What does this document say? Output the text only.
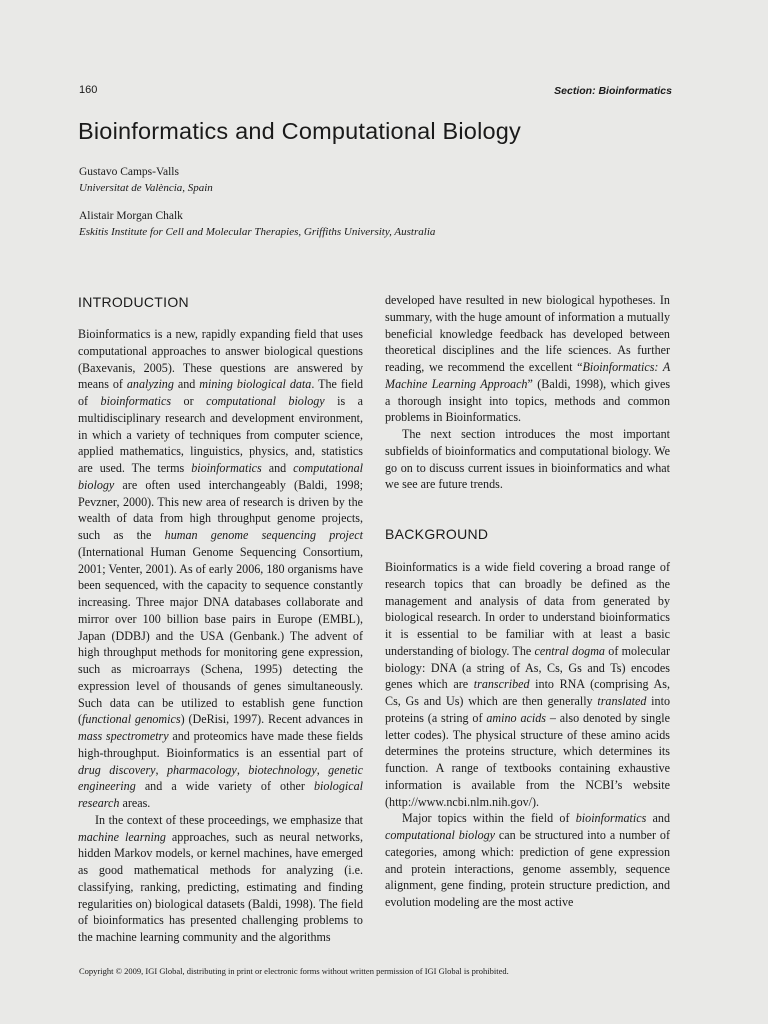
160	Section: Bioinformatics
Bioinformatics and Computational Biology
Gustavo Camps-Valls
Universitat de València, Spain
Alistair Morgan Chalk
Eskitis Institute for Cell and Molecular Therapies, Griffiths University, Australia
INTRODUCTION

Bioinformatics is a new, rapidly expanding field that uses computational approaches to answer biological questions (Baxevanis, 2005). These questions are answered by means of analyzing and mining biological data. The field of bioinformatics or computational biology is a multidisciplinary research and development environment, in which a variety of techniques from computer science, applied mathematics, linguistics, physics, and, statistics are used. The terms bioinformatics and computational biology are often used interchangeably (Baldi, 1998; Pevzner, 2000). This new area of research is driven by the wealth of data from high throughput genome projects, such as the human genome sequencing project (International Human Genome Sequencing Consortium, 2001; Venter, 2001). As of early 2006, 180 organisms have been sequenced, with the capacity to sequence constantly increasing. Three major DNA databases collaborate and mirror over 100 billion base pairs in Europe (EMBL), Japan (DDBJ) and the USA (Genbank.) The advent of high throughput methods for monitoring gene expression, such as microarrays (Schena, 1995) detecting the expression level of thousands of genes simultaneously. Such data can be utilized to establish gene function (functional genomics) (DeRisi, 1997). Recent advances in mass spectrometry and proteomics have made these fields high-throughput. Bioinformatics is an essential part of drug discovery, pharmacology, biotechnology, genetic engineering and a wide variety of other biological research areas.

In the context of these proceedings, we emphasize that machine learning approaches, such as neural networks, hidden Markov models, or kernel machines, have emerged as good mathematical methods for analyzing (i.e. classifying, ranking, predicting, estimating and finding regularities on) biological datasets (Baldi, 1998). The field of bioinformatics has presented challenging problems to the machine learning community and the algorithms

developed have resulted in new biological hypotheses. In summary, with the huge amount of information a mutually beneficial knowledge feedback has developed between theoretical disciplines and the life sciences. As further reading, we recommend the excellent “Bioinformatics: A Machine Learning Approach” (Baldi, 1998), which gives a thorough insight into topics, methods and common problems in Bioinformatics.

The next section introduces the most important subfields of bioinformatics and computational biology. We go on to discuss current issues in bioinformatics and what we see are future trends.

BACKGROUND

Bioinformatics is a wide field covering a broad range of research topics that can broadly be defined as the management and analysis of data from generated by biological research. In order to understand bioinformatics it is essential to be familiar with at least a basic understanding of biology. The central dogma of molecular biology: DNA (a string of As, Cs, Gs and Ts) encodes genes which are transcribed into RNA (comprising As, Cs, Gs and Us) which are then generally translated into proteins (a string of amino acids – also denoted by single letter codes). The physical structure of these amino acids determines the proteins structure, which determines its function. A range of textbooks containing exhaustive information is available from the NCBI’s website (http://www.ncbi.nlm.nih.gov/).

Major topics within the field of bioinformatics and computational biology can be structured into a number of categories, among which: prediction of gene expression and protein interactions, genome assembly, sequence alignment, gene finding, protein structure prediction, and evolution modeling are the most active

Copyright © 2009, IGI Global, distributing in print or electronic forms without written permission of IGI Global is prohibited.
